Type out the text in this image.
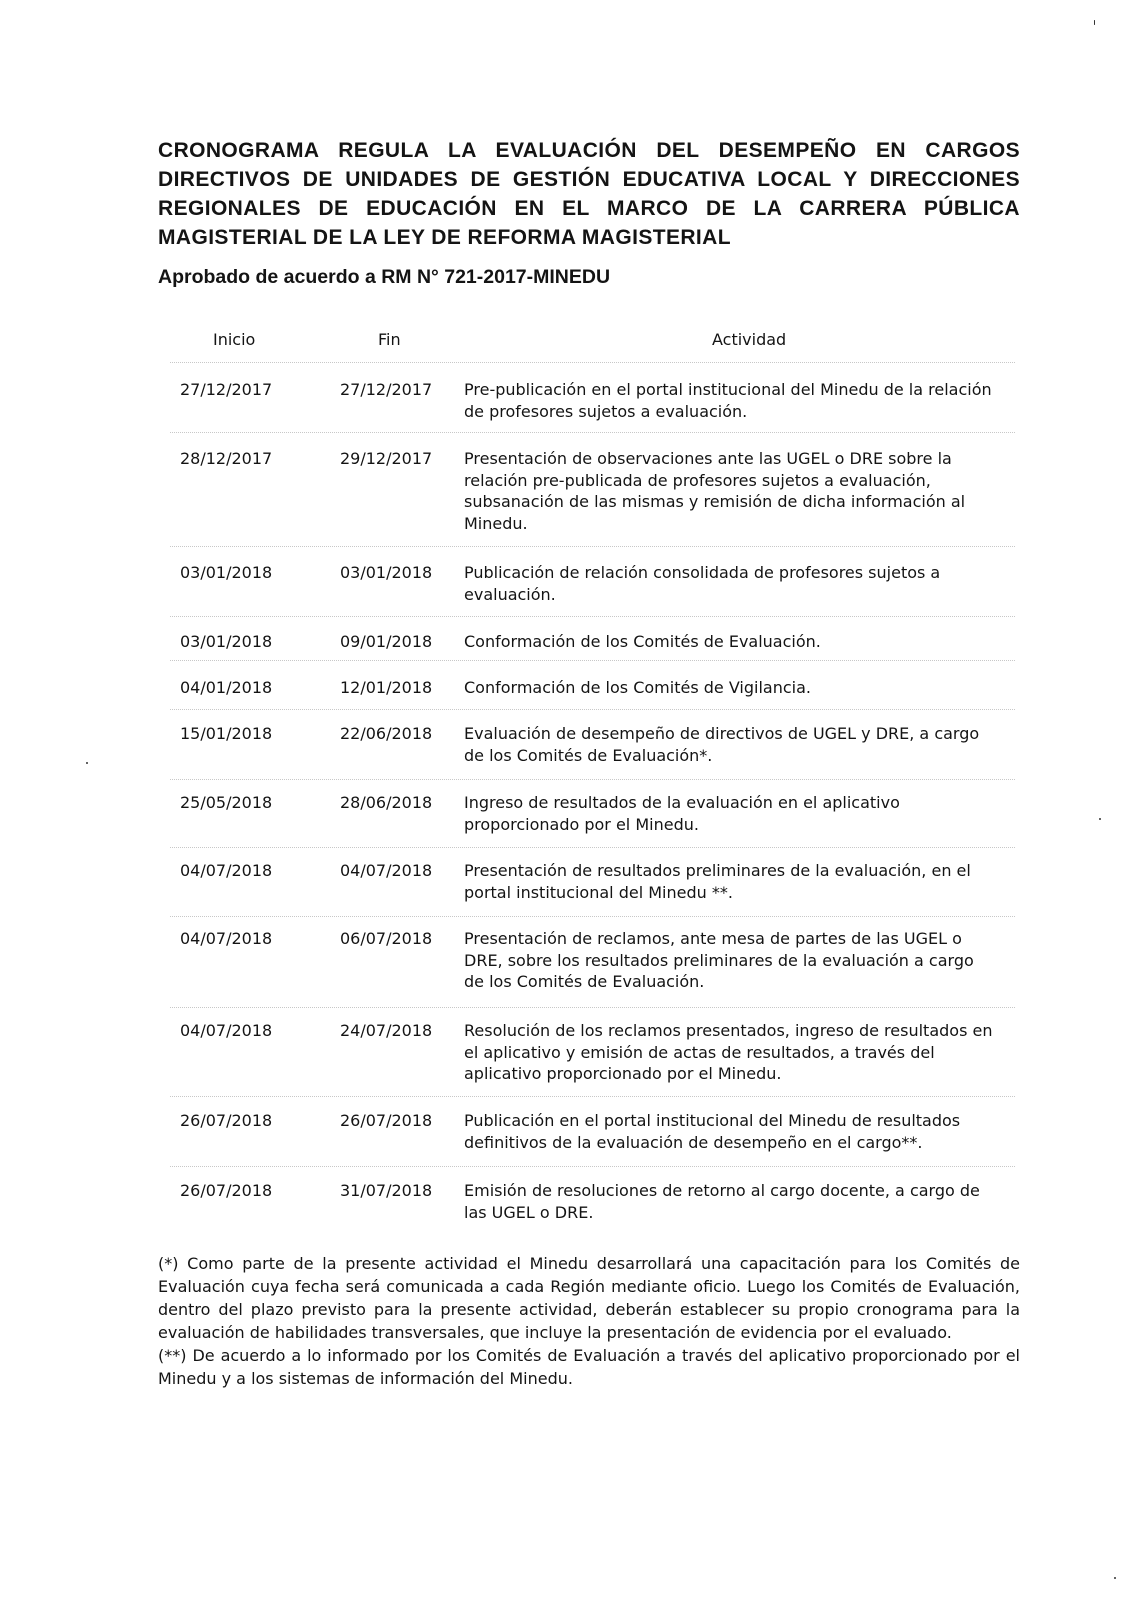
CRONOGRAMA REGULA LA EVALUACIÓN DEL DESEMPEÑO EN CARGOS DIRECTIVOS DE UNIDADES DE GESTIÓN EDUCATIVA LOCAL Y DIRECCIONES REGIONALES DE EDUCACIÓN EN EL MARCO DE LA CARRERA PÚBLICA MAGISTERIAL DE LA LEY DE REFORMA MAGISTERIAL
Aprobado de acuerdo a RM N° 721-2017-MINEDU
Inicio	Fin	Actividad
27/12/2017	27/12/2017	Pre-publicación en el portal institucional del Minedu de la relación de profesores sujetos a evaluación.
28/12/2017	29/12/2017	Presentación de observaciones ante las UGEL o DRE sobre la relación pre-publicada de profesores sujetos a evaluación, subsanación de las mismas y remisión de dicha información al Minedu.
03/01/2018	03/01/2018	Publicación de relación consolidada de profesores sujetos a evaluación.
03/01/2018	09/01/2018	Conformación de los Comités de Evaluación.
04/01/2018	12/01/2018	Conformación de los Comités de Vigilancia.
15/01/2018	22/06/2018	Evaluación de desempeño de directivos de UGEL y DRE, a cargo de los Comités de Evaluación*.
25/05/2018	28/06/2018	Ingreso de resultados de la evaluación en el aplicativo proporcionado por el Minedu.
04/07/2018	04/07/2018	Presentación de resultados preliminares de la evaluación, en el portal institucional del Minedu **.
04/07/2018	06/07/2018	Presentación de reclamos, ante mesa de partes de las UGEL o DRE, sobre los resultados preliminares de la evaluación a cargo de los Comités de Evaluación.
04/07/2018	24/07/2018	Resolución de los reclamos presentados, ingreso de resultados en el aplicativo y emisión de actas de resultados, a través del aplicativo proporcionado por el Minedu.
26/07/2018	26/07/2018	Publicación en el portal institucional del Minedu de resultados definitivos de la evaluación de desempeño en el cargo**.
26/07/2018	31/07/2018	Emisión de resoluciones de retorno al cargo docente, a cargo de las UGEL o DRE.

(*) Como parte de la presente actividad el Minedu desarrollará una capacitación para los Comités de Evaluación cuya fecha será comunicada a cada Región mediante oficio. Luego los Comités de Evaluación, dentro del plazo previsto para la presente actividad, deberán establecer su propio cronograma para la evaluación de habilidades transversales, que incluye la presentación de evidencia por el evaluado.

(**) De acuerdo a lo informado por los Comités de Evaluación a través del aplicativo proporcionado por el Minedu y a los sistemas de información del Minedu.
